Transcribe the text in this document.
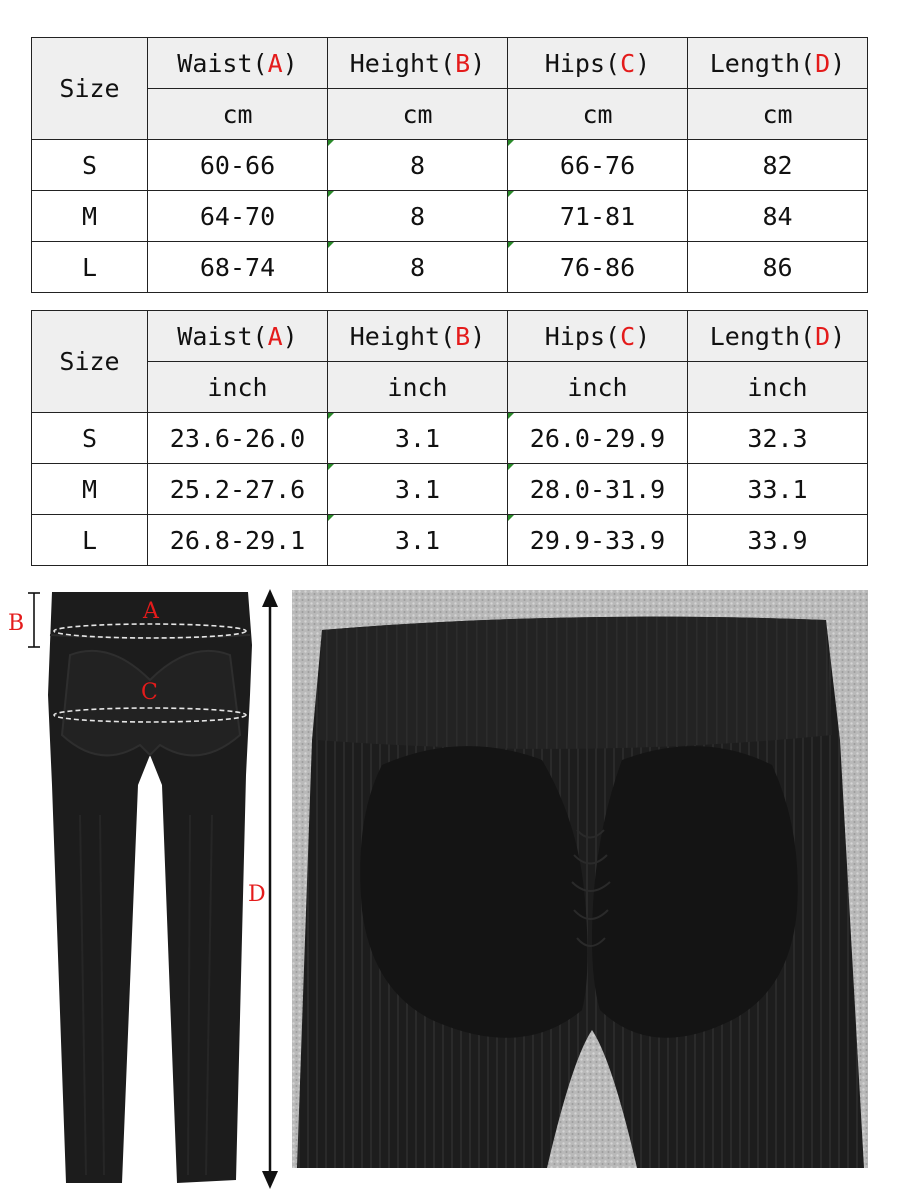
Size	Waist(A)	Height(B)	Hips(C)	Length(D)
	cm	cm	cm	cm
S	60-66	8	66-76	82
M	64-70	8	71-81	84
L	68-74	8	76-86	86
Size	Waist(A)	Height(B)	Hips(C)	Length(D)
	inch	inch	inch	inch
S	23.6-26.0	3.1	26.0-29.9	32.3
M	25.2-27.6	3.1	28.0-31.9	33.1
L	26.8-29.1	3.1	29.9-33.9	33.9
A
B
C
D
